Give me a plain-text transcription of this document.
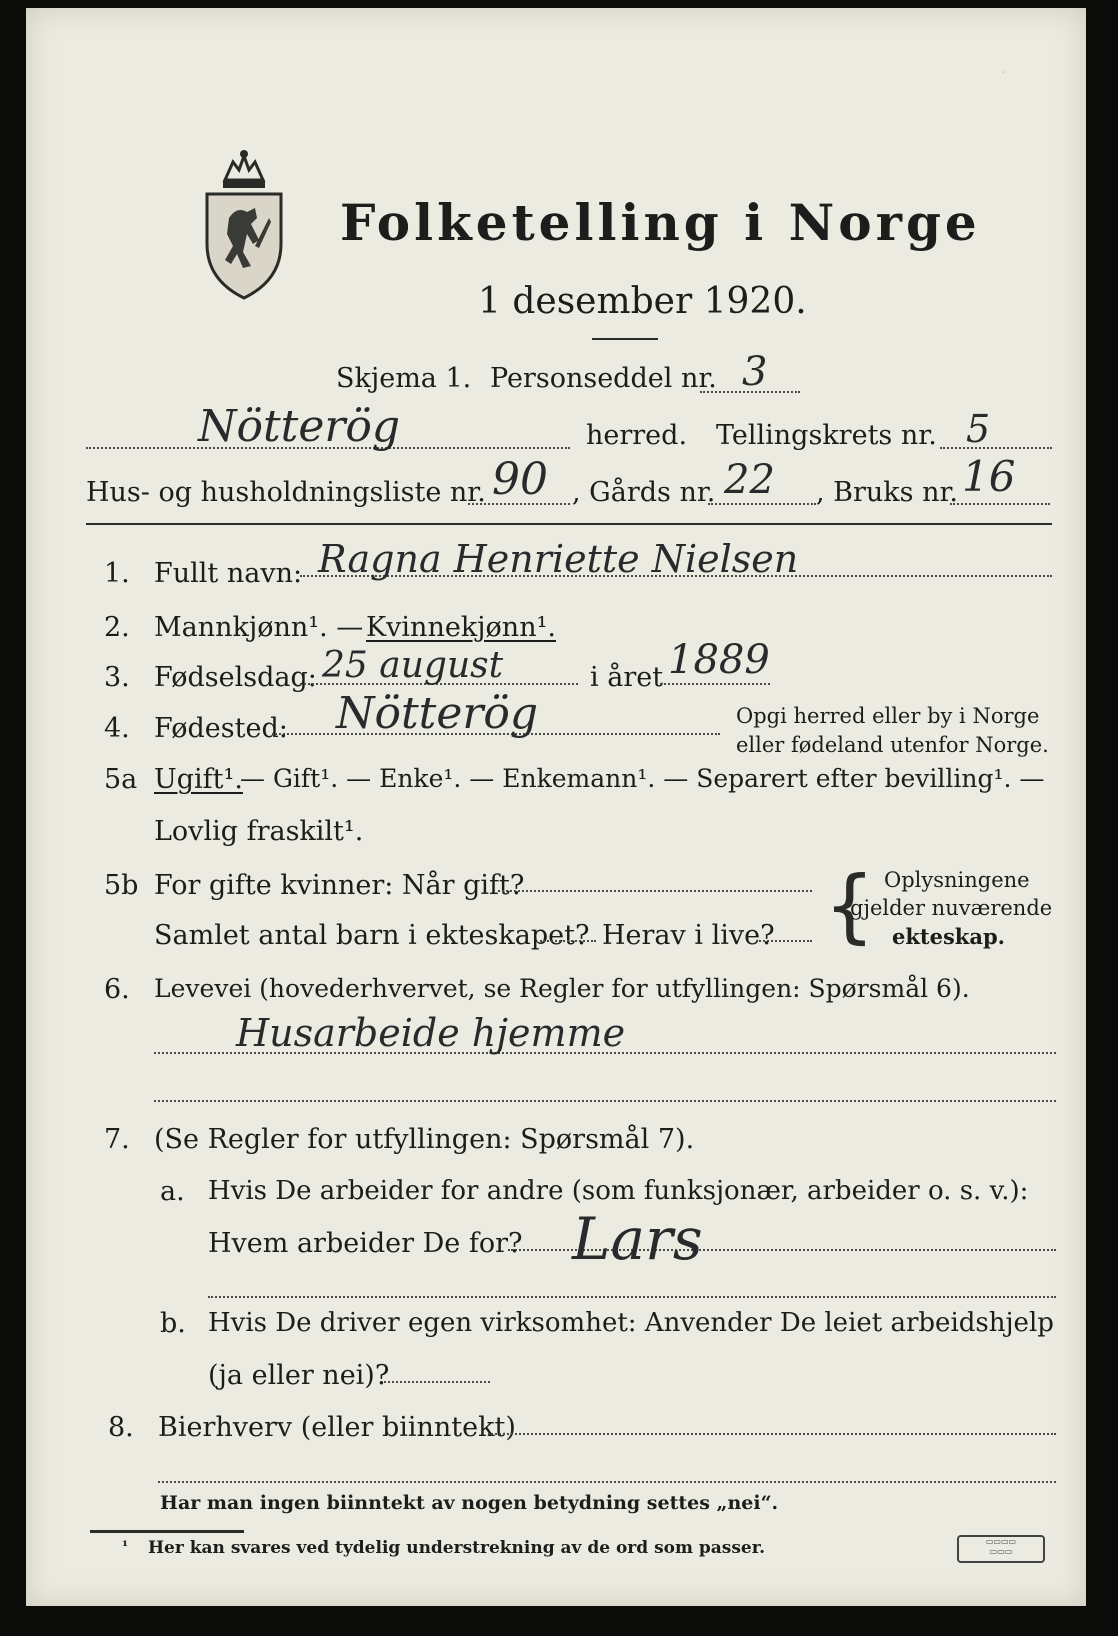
·
Folketelling i Norge
1 desember 1920.
Skjema 1. Personseddel nr. 3
Nötterög	herred. Tellingskrets nr. 5
Hus- og husholdningsliste nr. 90 , Gårds nr. 22 , Bruks nr. 16
1. Fullt navn: Ragna Henriette Nielsen
2. Mannkjønn¹. — Kvinnekjønn¹.
3. Fødselsdag: 25 august	i året 1889
4. Fødested: Nötterög	Opgi herred eller by i Norge
eller fødeland utenfor Norge.
5a Ugift¹.
— Gift¹. — Enke¹. — Enkemann¹. — Separert efter bevilling¹. —
Lovlig fraskilt¹.
5b For gifte kvinner: Når gift?
Samlet antal barn i ekteskapet? Herav i live? { Oplysningene
gjelder nuværende
ekteskap.
6. Levevei (hovederhvervet, se Regler for utfyllingen: Spørsmål 6).
Husarbeide hjemme
7. (Se Regler for utfyllingen: Spørsmål 7).
a. Hvis De arbeider for andre (som funksjonær, arbeider o. s. v.):
Hvem arbeider De for? Lars
b. Hvis De driver egen virksomhet: Anvender De leiet arbeidshjelp
(ja eller nei)?
8. Bierhverv (eller biinntekt)
Har man ingen biinntekt av nogen betydning settes „nei“.
¹ Her kan svares ved tydelig understrekning av de ord som passer.	▭▭▭▭
▭▭▭
